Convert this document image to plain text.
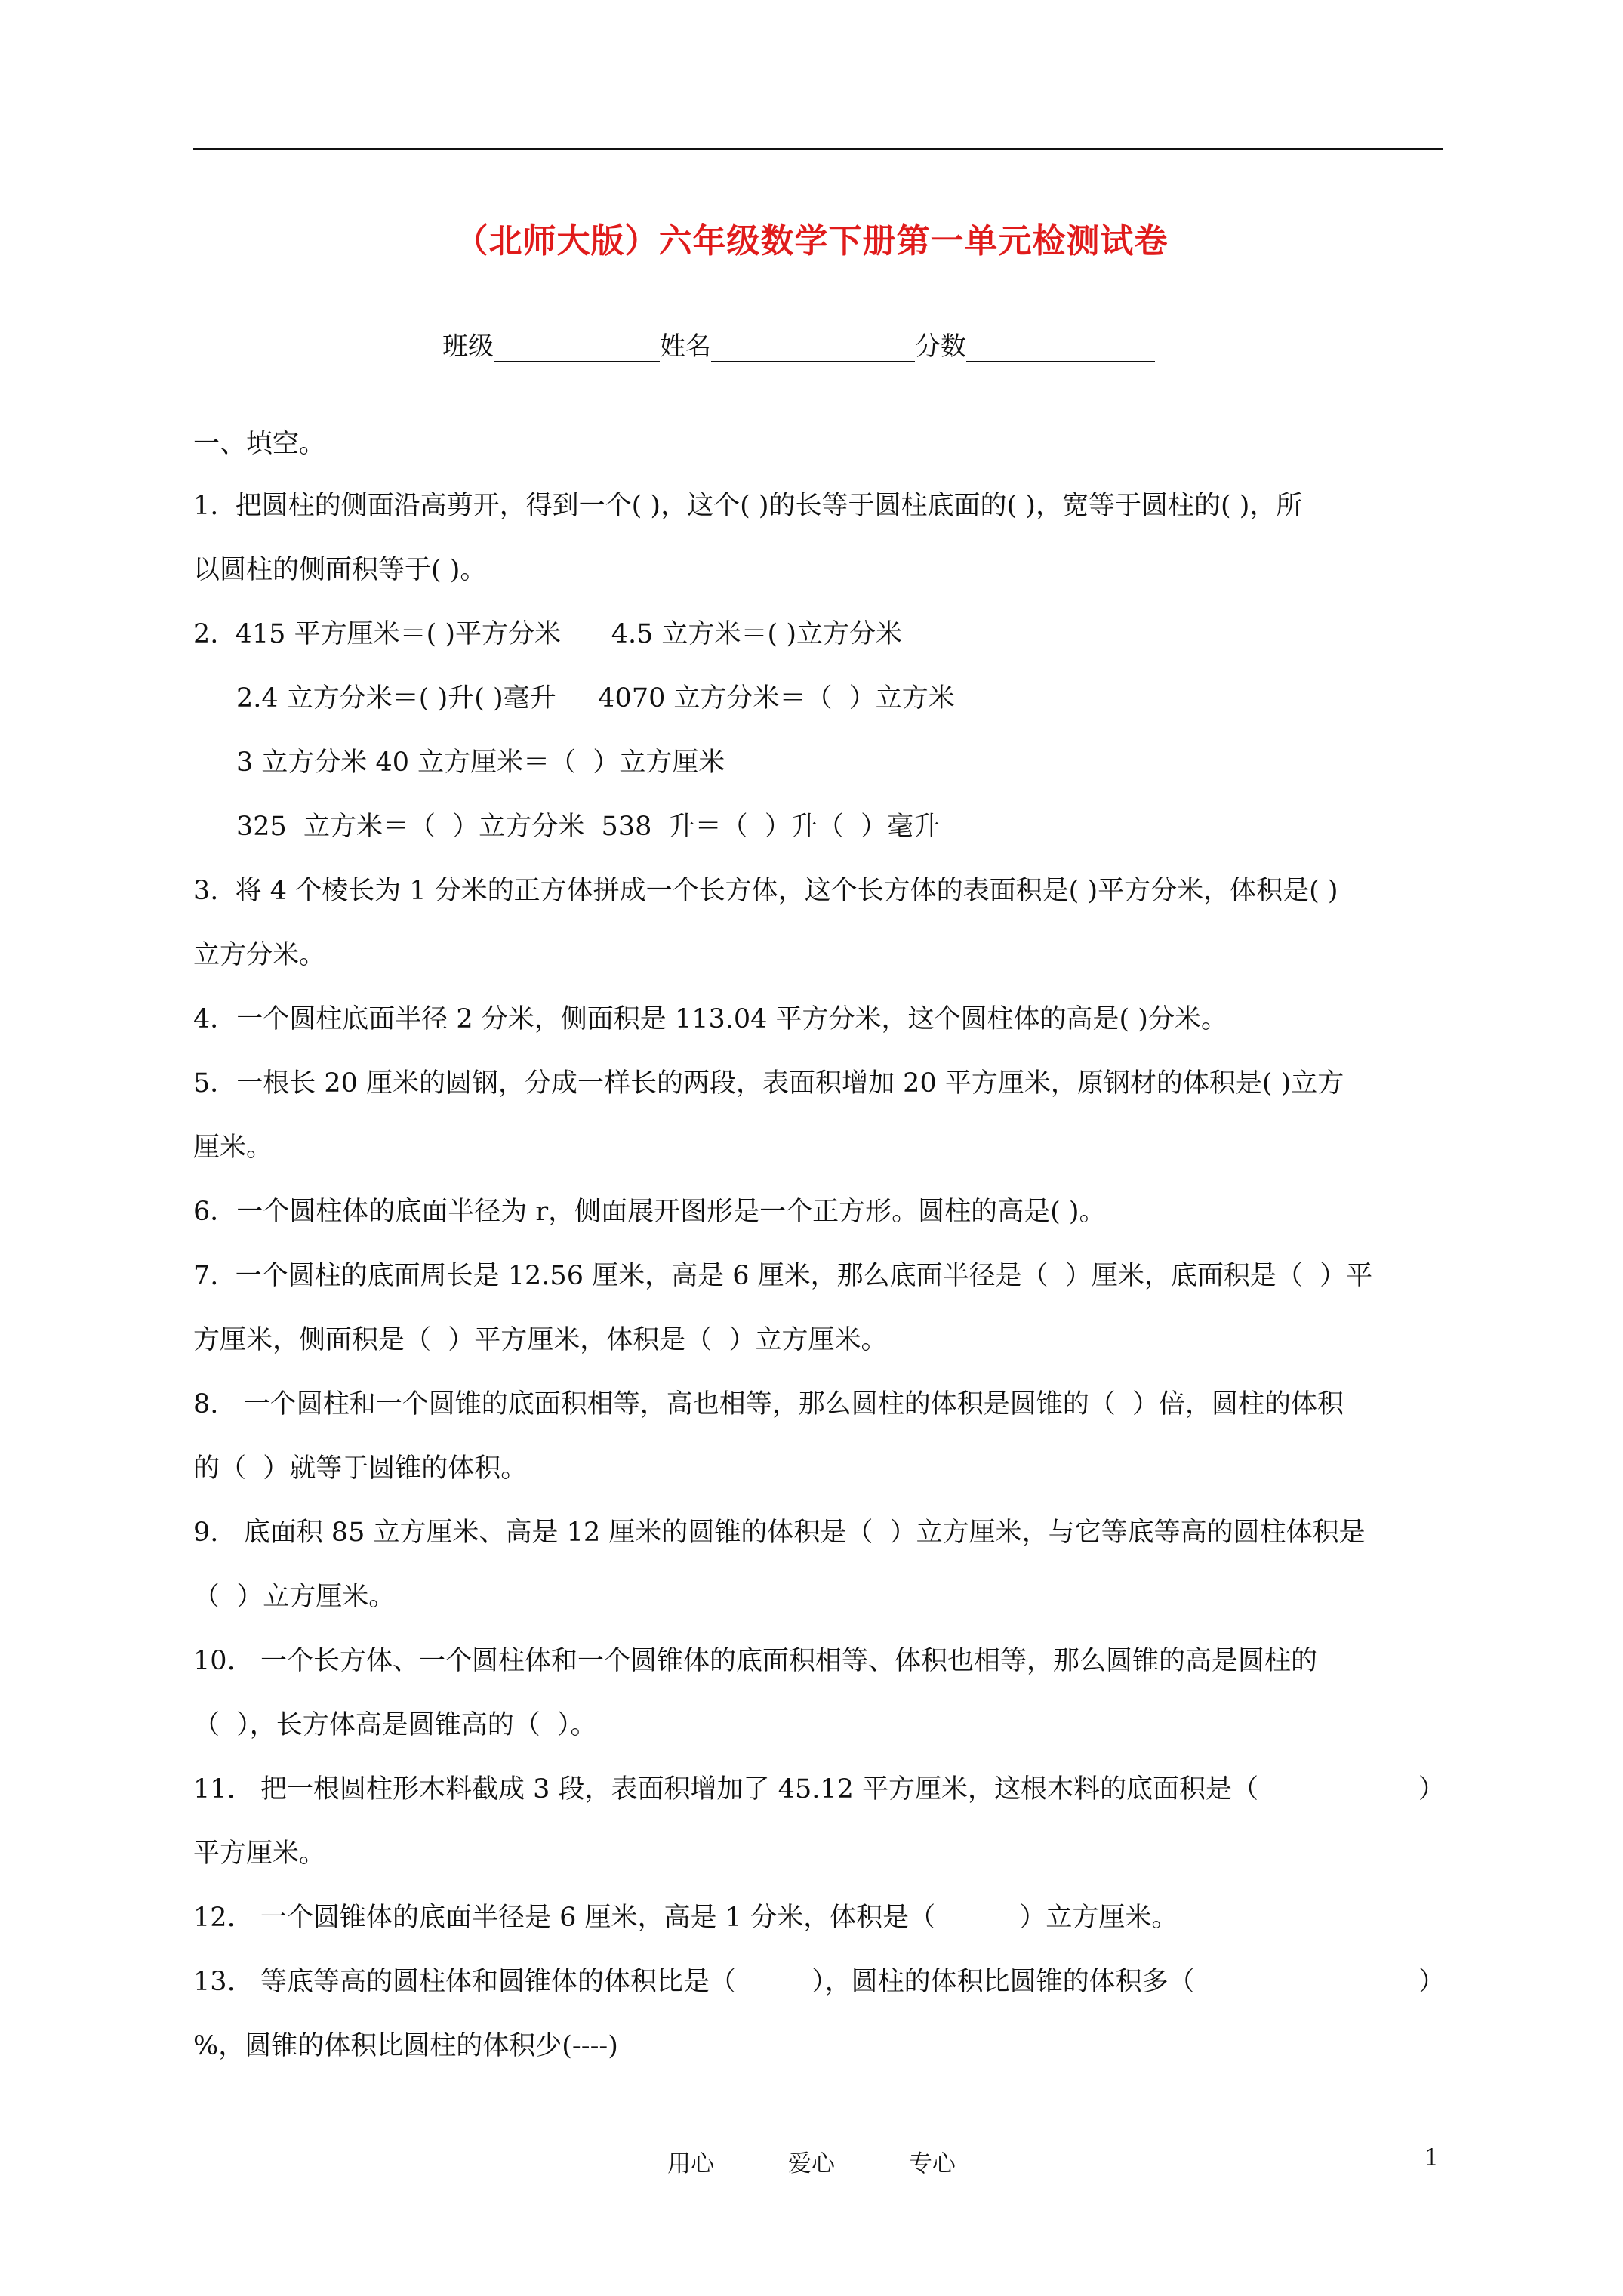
（北师大版）六年级数学下册第一单元检测试卷
班级	姓名	分数
一、填空。
1.  把圆柱的侧面沿高剪开，得到一个( )，这个( )的长等于圆柱底面的( )，宽等于圆柱的( )，所
以圆柱的侧面积等于( )。
2.  415 平方厘米＝( )平方分米      4.5 立方米＝( )立方分米
2.4 立方分米＝( )升( )毫升     4070 立方分米＝（  ）立方米
3 立方分米 40 立方厘米＝（  ）立方厘米
325  立方米＝（  ）立方分米  538  升＝（  ）升（  ）毫升
3.  将 4 个棱长为 1 分米的正方体拼成一个长方体，这个长方体的表面积是( )平方分米，体积是( )
立方分米。
4．一个圆柱底面半径 2 分米，侧面积是 113.04 平方分米，这个圆柱体的高是( )分米。
5．一根长 20 厘米的圆钢，分成一样长的两段，表面积增加 20 平方厘米，原钢材的体积是( )立方
厘米。
6．一个圆柱体的底面半径为 r，侧面展开图形是一个正方形。圆柱的高是( )。
7.  一个圆柱的底面周长是 12.56 厘米，高是 6 厘米，那么底面半径是（  ）厘米，底面积是（  ）平
方厘米，侧面积是（  ）平方厘米，体积是（  ）立方厘米。
8.   一个圆柱和一个圆锥的底面积相等，高也相等，那么圆柱的体积是圆锥的（  ）倍，圆柱的体积
的（  ）就等于圆锥的体积。
9.   底面积 85 立方厘米、高是 12 厘米的圆锥的体积是（  ）立方厘米，与它等底等高的圆柱体积是
（  ）立方厘米。
10.   一个长方体、一个圆柱体和一个圆锥体的底面积相等、体积也相等，那么圆锥的高是圆柱的
（  ），长方体高是圆锥高的（  ）。
11.   把一根圆柱形木料截成 3 段，表面积增加了 45.12 平方厘米，这根木料的底面积是（	）
平方厘米。
12.   一个圆锥体的底面半径是 6 厘米，高是 1 分米，体积是（          ）立方厘米。
13.   等底等高的圆柱体和圆锥体的体积比是（         ），圆柱的体积比圆锥的体积多（	）
%，圆锥的体积比圆柱的体积少(----)
用心	爱心	专心	1
